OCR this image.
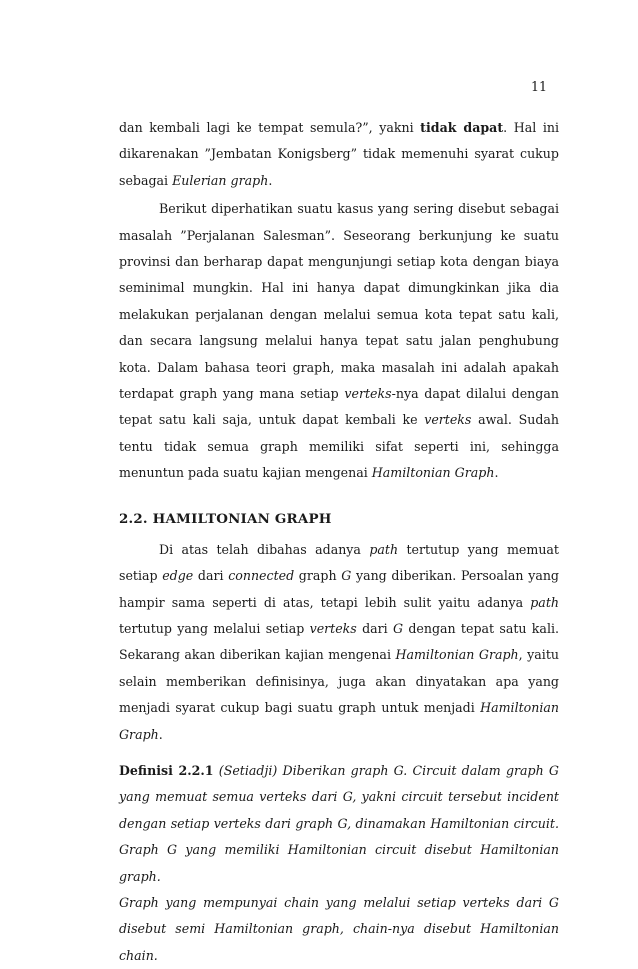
11

dan kembali lagi ke tempat semula?”, yakni tidak dapat. Hal ini dikarenakan ”Jembatan Konigsberg” tidak memenuhi syarat cukup sebagai Eulerian graph.

Berikut diperhatikan suatu kasus yang sering disebut sebagai masalah ”Perjalanan Salesman”. Seseorang berkunjung ke suatu provinsi dan berharap dapat mengunjungi setiap kota dengan biaya seminimal mungkin. Hal ini hanya dapat dimungkinkan jika dia melakukan perjalanan dengan melalui semua kota tepat satu kali, dan secara langsung melalui hanya tepat satu jalan penghubung kota. Dalam bahasa teori graph, maka masalah ini adalah apakah terdapat graph yang mana setiap verteks-nya dapat dilalui dengan tepat satu kali saja, untuk dapat kembali ke verteks awal. Sudah tentu tidak semua graph memiliki sifat seperti ini, sehingga menuntun pada suatu kajian mengenai Hamiltonian Graph.

2.2. HAMILTONIAN GRAPH

Di atas telah dibahas adanya path tertutup yang memuat setiap edge dari connected graph G yang diberikan. Persoalan yang hampir sama seperti di atas, tetapi lebih sulit yaitu adanya path tertutup yang melalui setiap verteks dari G dengan tepat satu kali. Sekarang akan diberikan kajian mengenai Hamiltonian Graph, yaitu selain memberikan definisinya, juga akan dinyatakan apa yang menjadi syarat cukup bagi suatu graph untuk menjadi Hamiltonian Graph.

Definisi 2.2.1 (Setiadji) Diberikan graph G. Circuit dalam graph G yang memuat semua verteks dari G, yakni circuit tersebut incident dengan setiap verteks dari graph G, dinamakan Hamiltonian circuit. Graph G yang memiliki Hamiltonian circuit disebut Hamiltonian graph.

Graph yang mempunyai chain yang melalui setiap verteks dari G disebut semi Hamiltonian graph, chain-nya disebut Hamiltonian chain.
